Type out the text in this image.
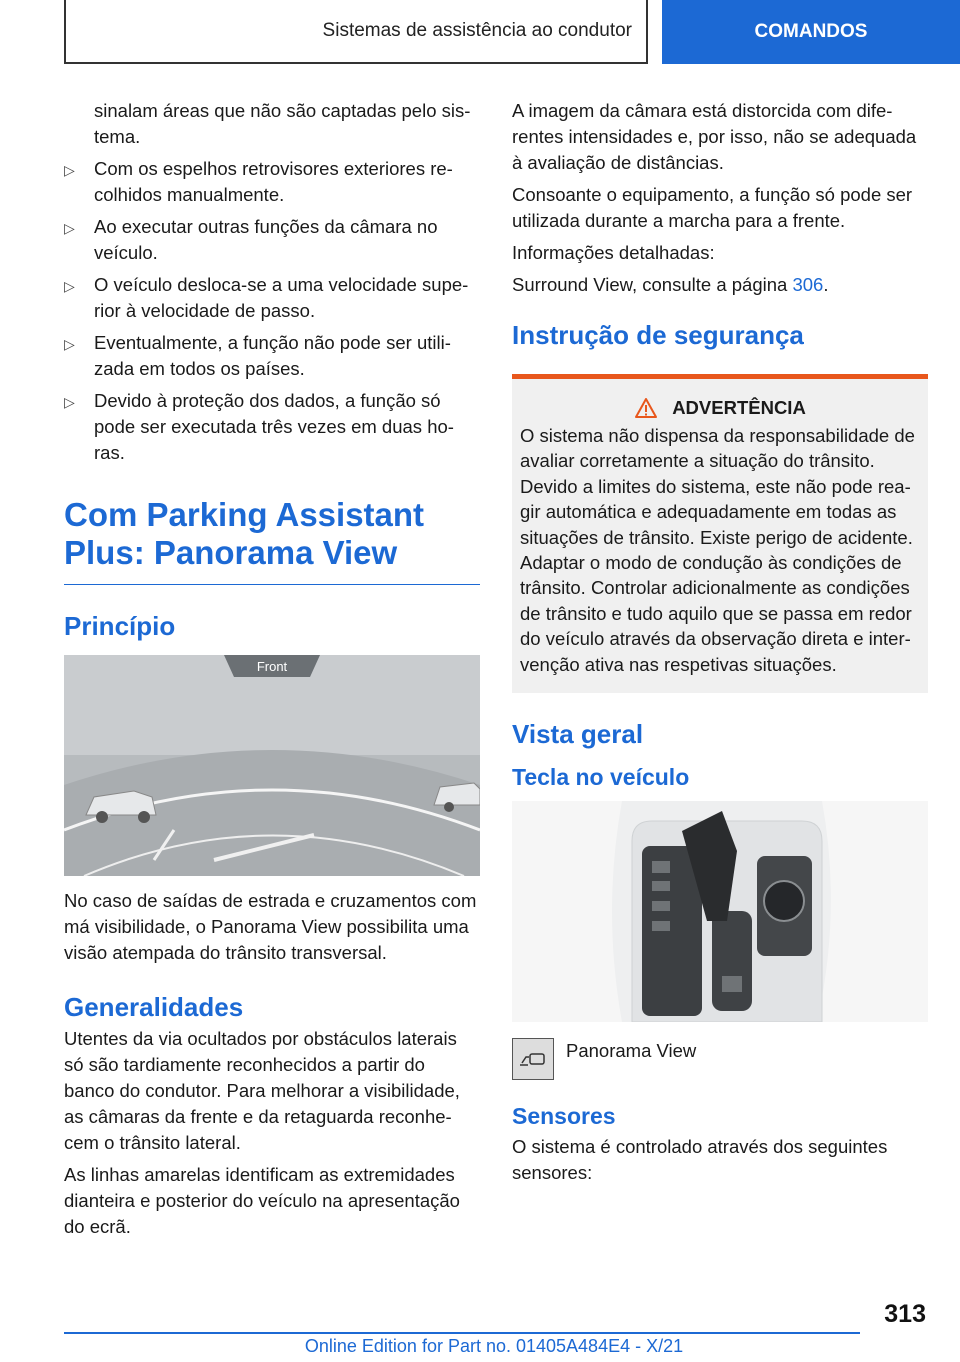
Sistemas de assistência ao condutor	COMANDOS

sinalam áreas que não são captadas pelo sis-tema.

▷ Com os espelhos retrovisores exteriores re-colhidos manualmente.
▷ Ao executar outras funções da câmara no veículo.
▷ O veículo desloca-se a uma velocidade supe-rior à velocidade de passo.
▷ Eventualmente, a função não pode ser utili-zada em todos os países.
▷ Devido à proteção dos dados, a função só pode ser executada três vezes em duas ho-ras.
Com Parking Assistant Plus: Panorama View
Princípio
Front

No caso de saídas de estrada e cruzamentos com má visibilidade, o Panorama View possibilita uma visão atempada do trânsito transversal.

Generalidades

Utentes da via ocultados por obstáculos laterais só são tardiamente reconhecidos a partir do banco do condutor. Para melhorar a visibilidade, as câmaras da frente e da retaguarda reconhe-cem o trânsito lateral.

As linhas amarelas identificam as extremidades dianteira e posterior do veículo na apresentação do ecrã.

A imagem da câmara está distorcida com dife-rentes intensidades e, por isso, não se adequada à avaliação de distâncias.

Consoante o equipamento, a função só pode ser utilizada durante a marcha para a frente.

Informações detalhadas:

Surround View, consulte a página 306.

Instrução de segurança
ADVERTÊNCIA

O sistema não dispensa da responsabilidade de avaliar corretamente a situação do trânsito. Devido a limites do sistema, este não pode rea-gir automática e adequadamente em todas as situações de trânsito. Existe perigo de acidente. Adaptar o modo de condução às condições de trânsito. Controlar adicionalmente as condições de trânsito e tudo aquilo que se passa em redor do veículo através da observação direta e inter-venção ativa nas respetivas situações.

Vista geral
Tecla no veículo

Panorama View

Sensores

O sistema é controlado através dos seguintes sensores:

313
Online Edition for Part no. 01405A484E4 - X/21
